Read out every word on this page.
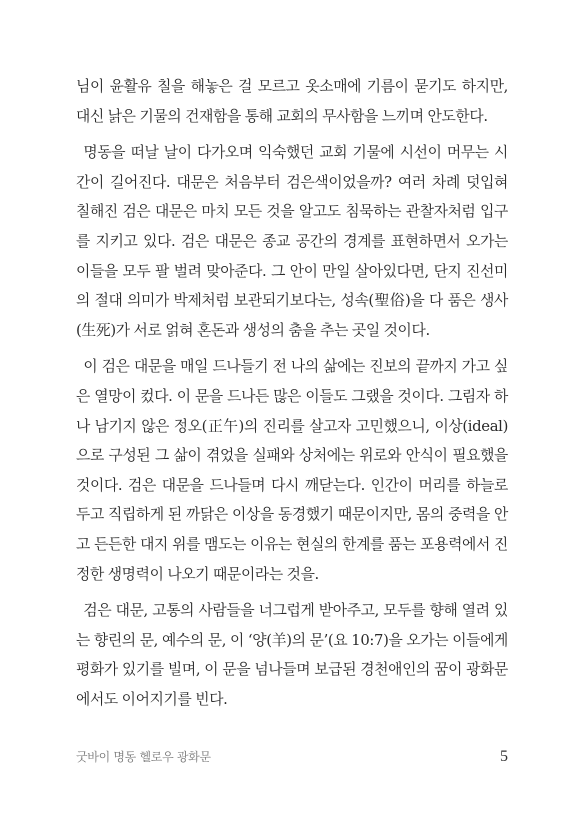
님이 윤활유 칠을 해놓은 걸 모르고 옷소매에 기름이 묻기도 하지만, 대신 낡은 기물의 건재함을 통해 교회의 무사함을 느끼며 안도한다.

명동을 떠날 날이 다가오며 익숙했던 교회 기물에 시선이 머무는 시간이 길어진다. 대문은 처음부터 검은색이었을까? 여러 차례 덧입혀 칠해진 검은 대문은 마치 모든 것을 알고도 침묵하는 관찰자처럼 입구를 지키고 있다. 검은 대문은 종교 공간의 경계를 표현하면서 오가는 이들을 모두 팔 벌려 맞아준다. 그 안이 만일 살아있다면, 단지 진선미의 절대 의미가 박제처럼 보관되기보다는, 성속(聖俗)을 다 품은 생사(生死)가 서로 얽혀 혼돈과 생성의 춤을 추는 곳일 것이다.

이 검은 대문을 매일 드나들기 전 나의 삶에는 진보의 끝까지 가고 싶은 열망이 컸다. 이 문을 드나든 많은 이들도 그랬을 것이다. 그림자 하나 남기지 않은 정오(正午)의 진리를 살고자 고민했으니, 이상(ideal)으로 구성된 그 삶이 겪었을 실패와 상처에는 위로와 안식이 필요했을 것이다. 검은 대문을 드나들며 다시 깨닫는다. 인간이 머리를 하늘로 두고 직립하게 된 까닭은 이상을 동경했기 때문이지만, 몸의 중력을 안고 든든한 대지 위를 맴도는 이유는 현실의 한계를 품는 포용력에서 진정한 생명력이 나오기 때문이라는 것을.

검은 대문, 고통의 사람들을 너그럽게 받아주고, 모두를 향해 열려 있는 향린의 문, 예수의 문, 이 ‘양(羊)의 문’(요 10:7)을 오가는 이들에게 평화가 있기를 빌며, 이 문을 넘나들며 보급된 경천애인의 꿈이 광화문에서도 이어지기를 빈다.

굿바이 명동 헬로우 광화문	5
